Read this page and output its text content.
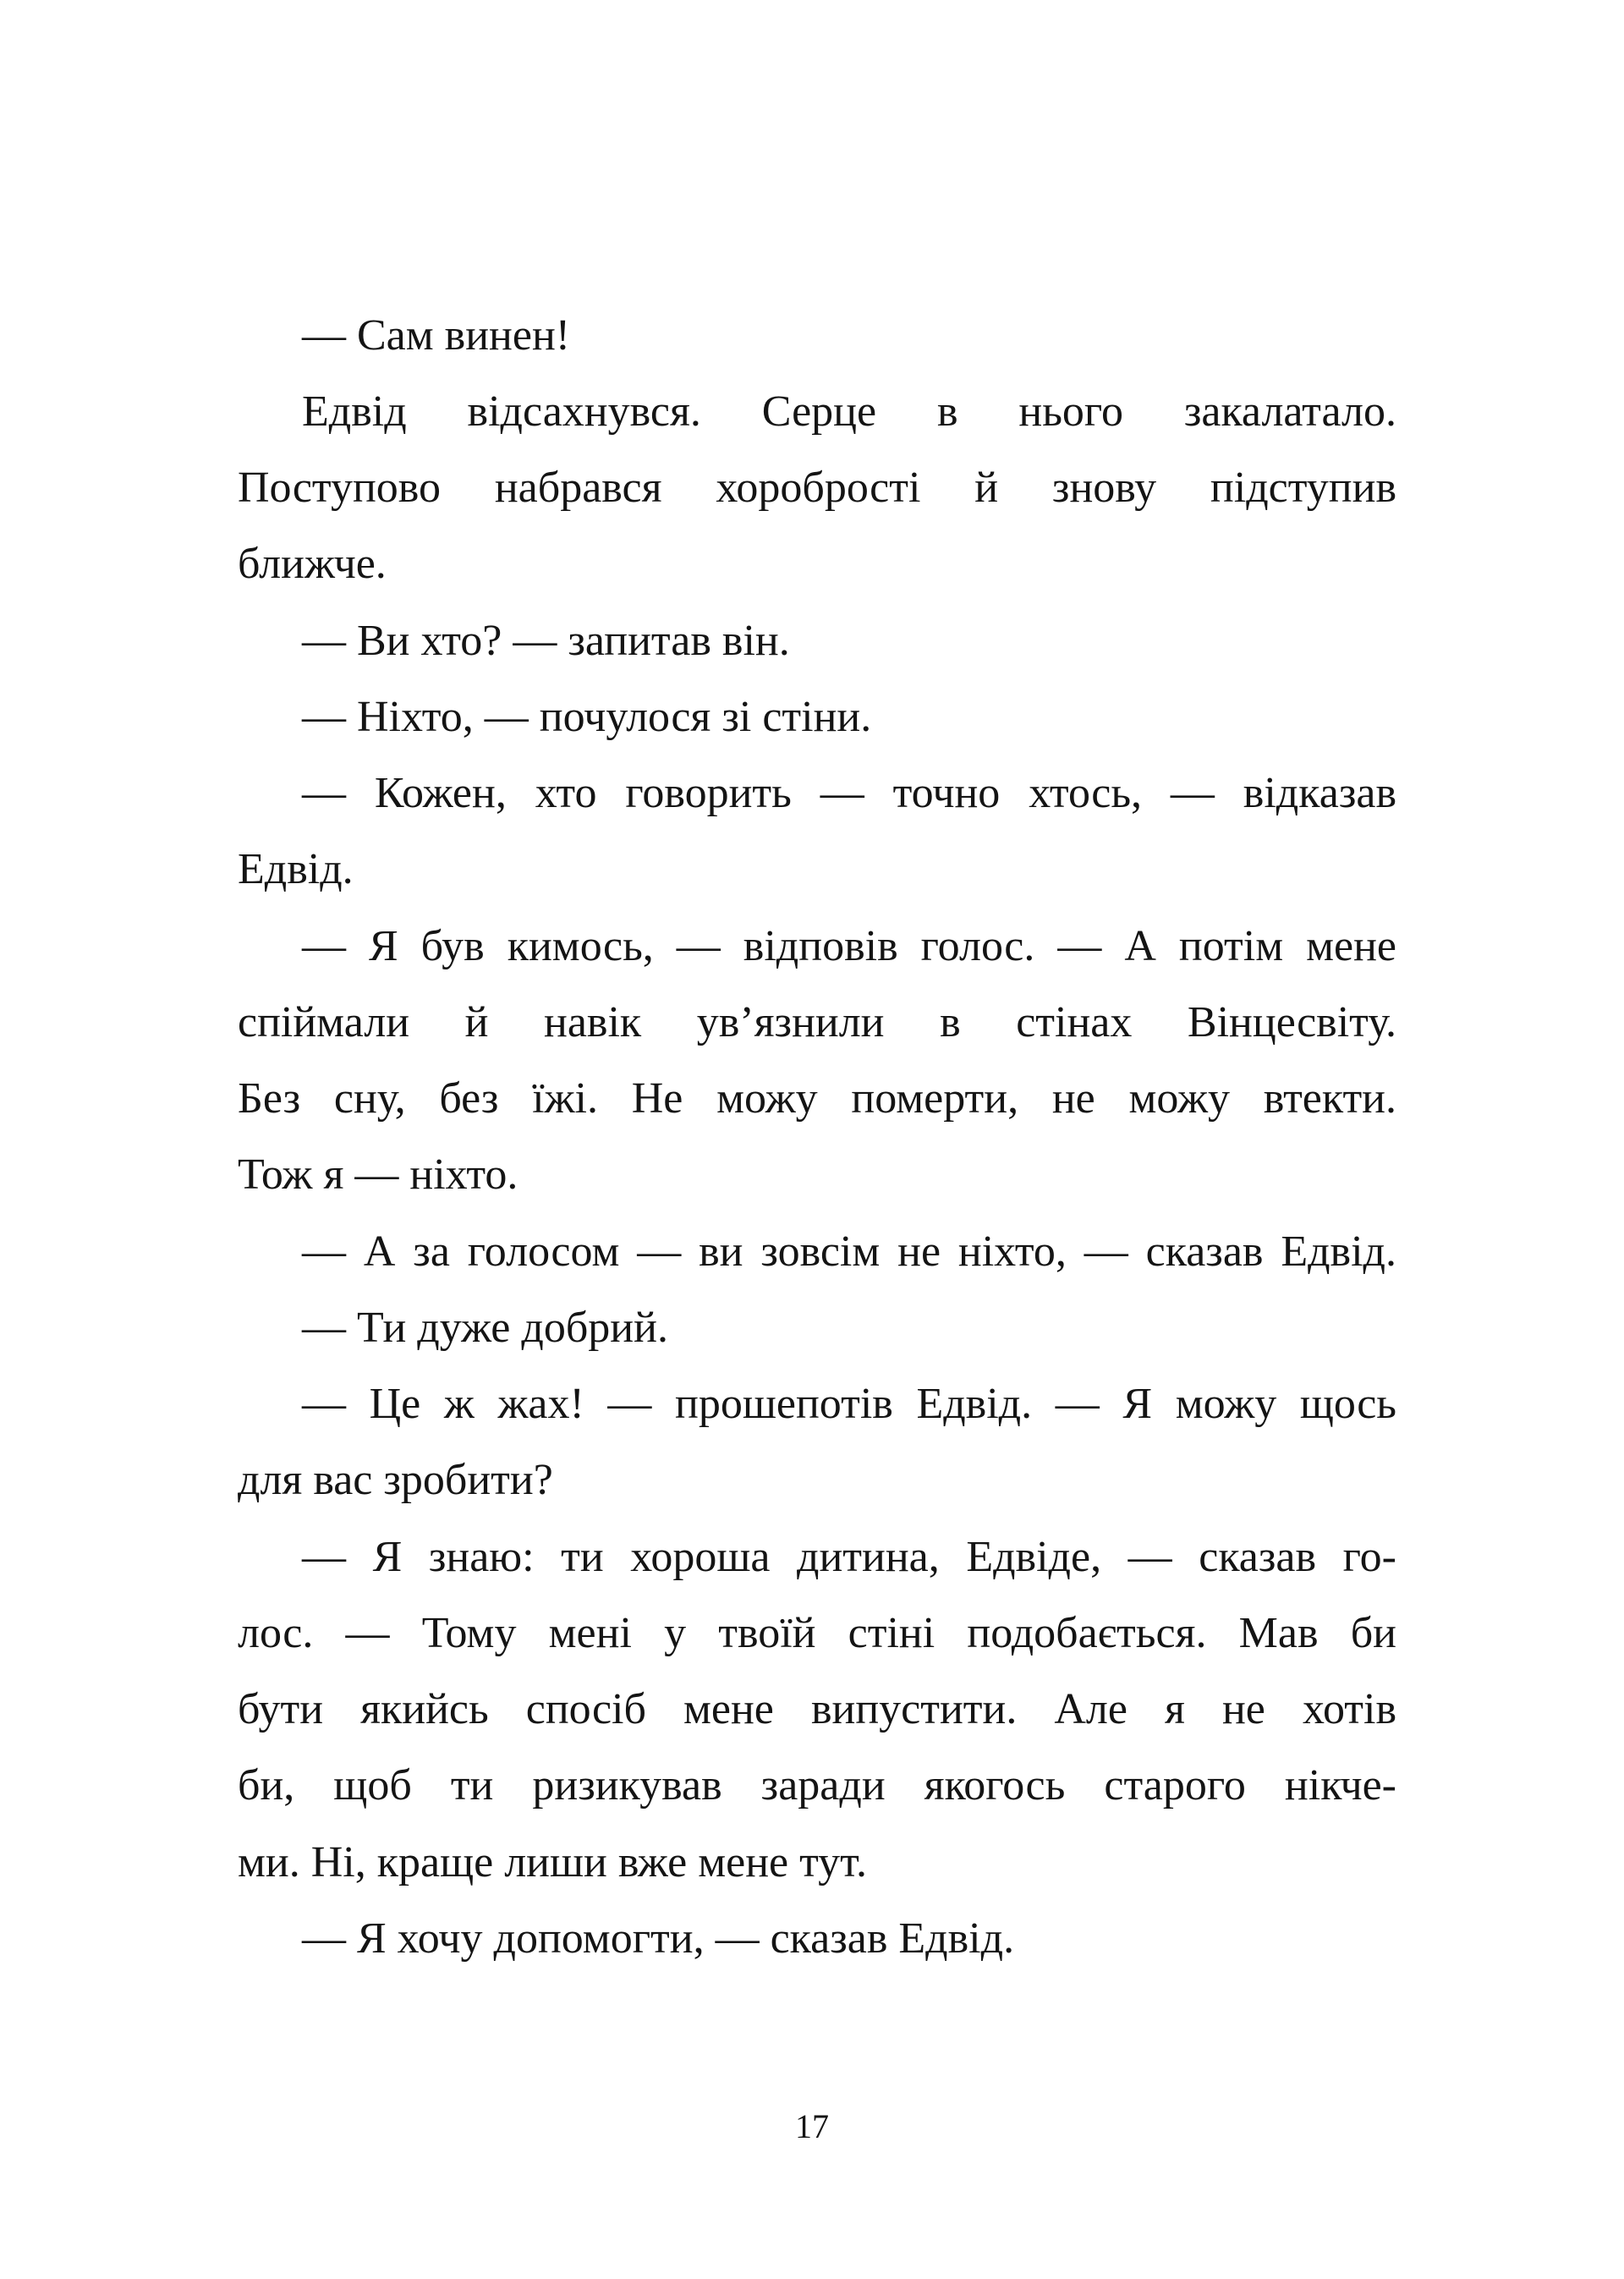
— Сам винен!
Едвід відсахнувся. Серце в нього закалатало.
Поступово набрався хоробрості й знову підступив
ближче.
— Ви хто? — запитав він.
— Ніхто, — почулося зі стіни.
— Кожен, хто говорить — точно хтось, — відказав
Едвід.
— Я був кимось, — відповів голос. — А потім мене
спіймали й навік ув’язнили в стінах Вінцесвіту.
Без сну, без їжі. Не можу померти, не можу втекти.
Тож я — ніхто.
— А за голосом — ви зовсім не ніхто, — сказав Едвід.
— Ти дуже добрий.
— Це ж жах! — прошепотів Едвід. — Я можу щось
для вас зробити?
— Я знаю: ти хороша дитина, Едвіде, — сказав го-
лос. — Тому мені у твоїй стіні подобається. Мав би
бути якийсь спосіб мене випустити. Але я не хотів
би, щоб ти ризикував заради якогось старого нікче-
ми. Ні, краще лиши вже мене тут.
— Я хочу допомогти, — сказав Едвід.
17
